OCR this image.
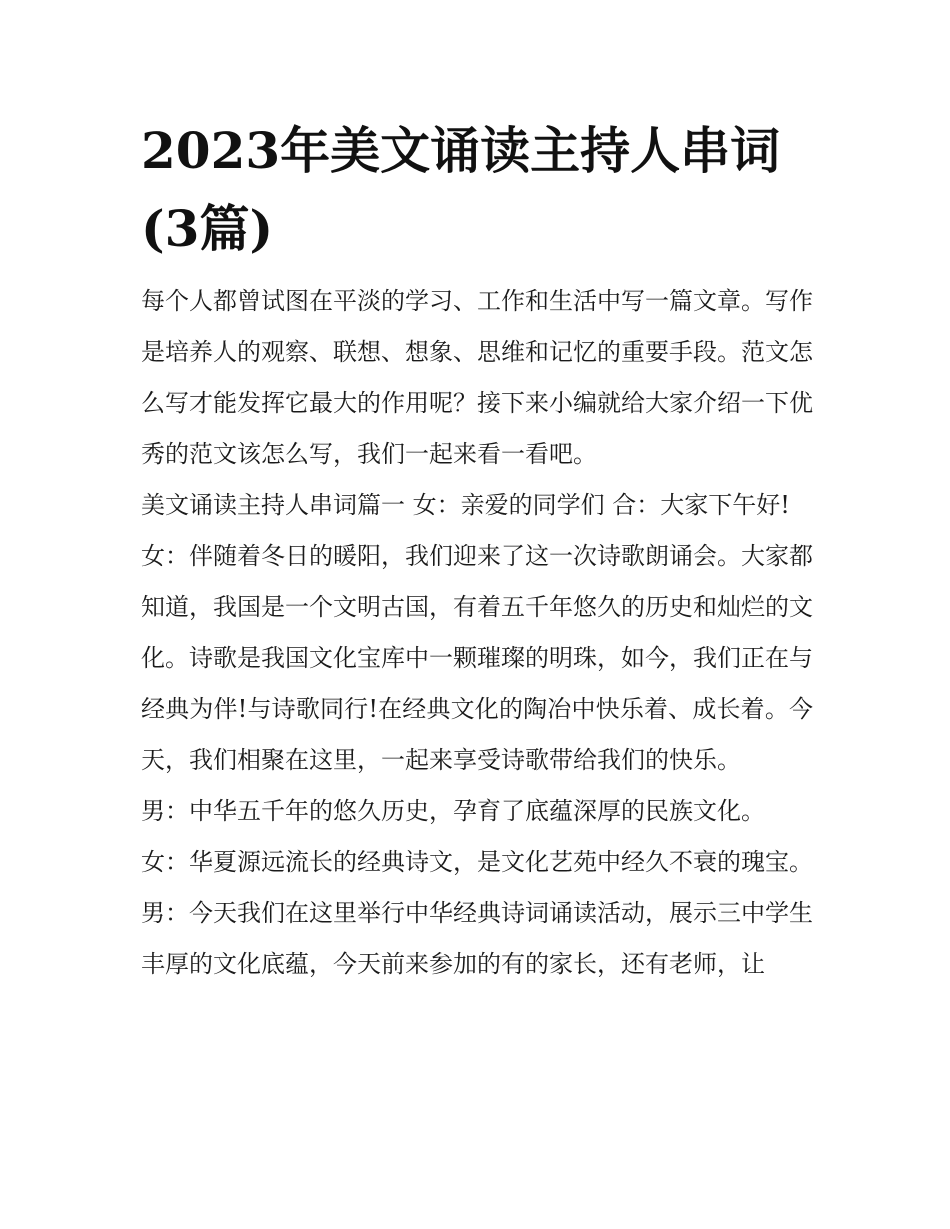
2023年美文诵读主持人串词(3篇)

每个人都曾试图在平淡的学习、工作和生活中写一篇文章。写作是培养人的观察、联想、想象、思维和记忆的重要手段。范文怎么写才能发挥它最大的作用呢？接下来小编就给大家介绍一下优秀的范文该怎么写，我们一起来看一看吧。

美文诵读主持人串词篇一 女：亲爱的同学们 合：大家下午好!

女：伴随着冬日的暖阳，我们迎来了这一次诗歌朗诵会。大家都知道，我国是一个文明古国，有着五千年悠久的历史和灿烂的文化。诗歌是我国文化宝库中一颗璀璨的明珠，如今，我们正在与经典为伴!与诗歌同行!在经典文化的陶冶中快乐着、成长着。今天，我们相聚在这里，一起来享受诗歌带给我们的快乐。

男：中华五千年的悠久历史，孕育了底蕴深厚的民族文化。

女：华夏源远流长的经典诗文，是文化艺苑中经久不衰的瑰宝。

男：今天我们在这里举行中华经典诗词诵读活动，展示三中学生丰厚的文化底蕴，今天前来参加的有的家长，还有老师，让
